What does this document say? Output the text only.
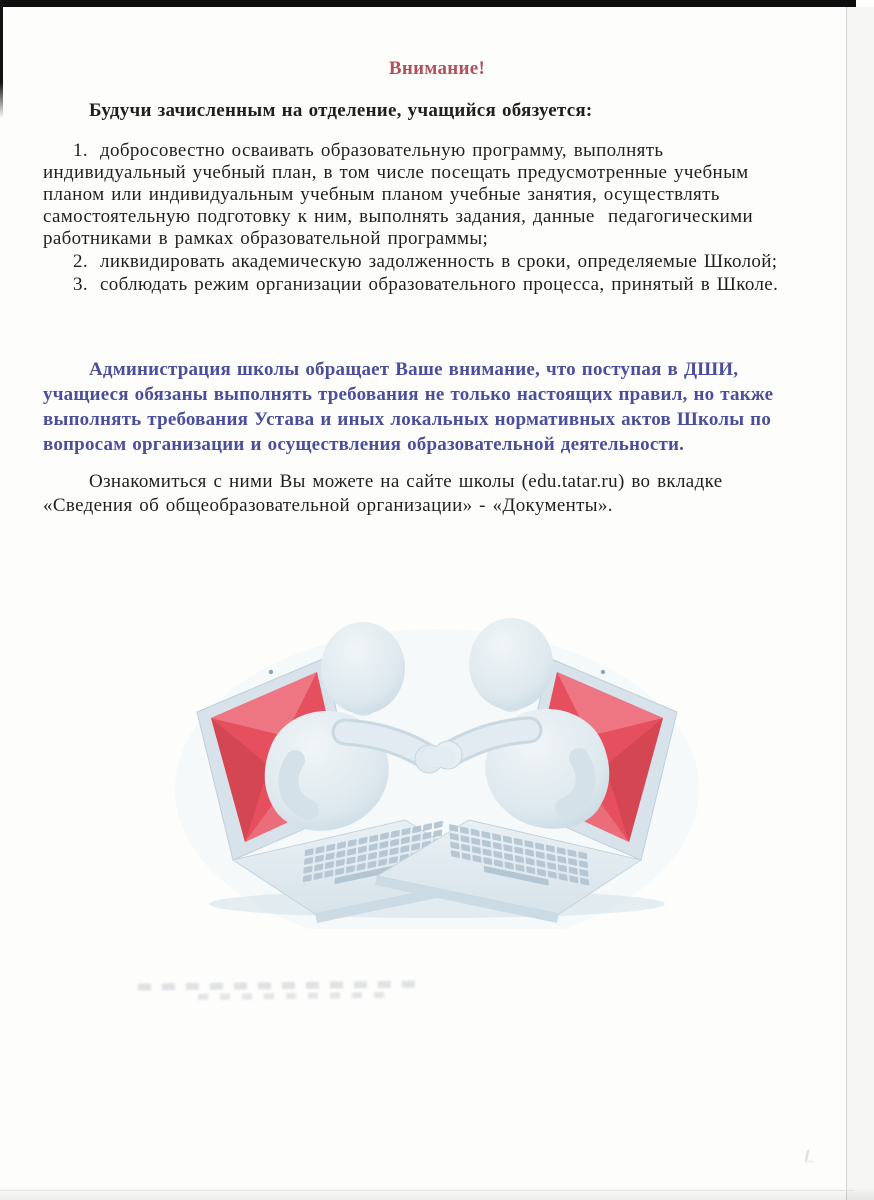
Внимание!
Будучи зачисленным на отделение, учащийся обязуется:
1. добросовестно осваивать образовательную программу, выполнять
индивидуальный учебный план, в том числе посещать предусмотренные учебным
планом или индивидуальным учебным планом учебные занятия, осуществлять
самостоятельную подготовку к ним, выполнять задания, данные  педагогическими
работниками в рамках образовательной программы;
2. ликвидировать академическую задолженность в сроки, определяемые Школой;
3. соблюдать режим организации образовательного процесса, принятый в Школе.
Администрация школы обращает Ваше внимание, что поступая в ДШИ,
учащиеся обязаны выполнять требования не только настоящих правил, но также
выполнять требования Устава и иных локальных нормативных актов Школы по
вопросам организации и осуществления образовательной деятельности.
Ознакомиться с ними Вы можете на сайте школы (edu.tatar.ru) во вкладке
«Сведения об общеобразовательной организации» - «Документы».
